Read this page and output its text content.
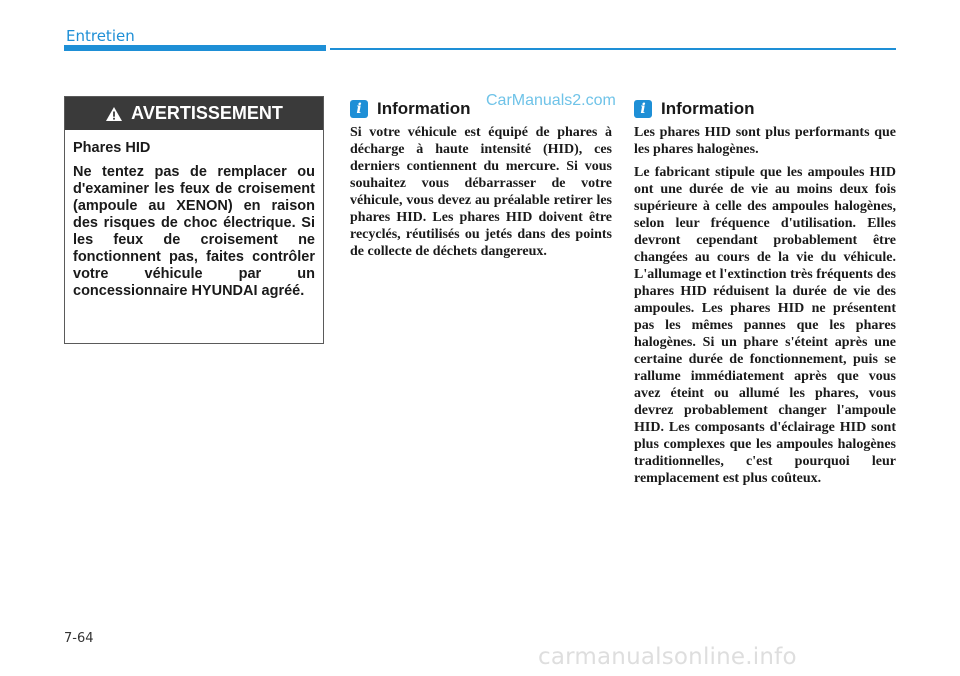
Entretien
AVERTISSEMENT
Phares HID
Ne tentez pas de remplacer ou d'examiner les feux de croisement (ampoule au XENON) en raison des risques de choc électrique. Si les feux de croisement ne fonctionnent pas, faites contrôler votre véhicule par un concessionnaire HYUNDAI agréé.
i Information

Si votre véhicule est équipé de phares à décharge à haute intensité (HID), ces derniers contiennent du mercure. Si vous souhaitez vous débarrasser de votre véhicule, vous devez au préalable retirer les phares HID. Les phares HID doivent être recyclés, réutilisés ou jetés dans des points de collecte de déchets dangereux.

CarManuals2.com	i Information

Les phares HID sont plus performants que les phares halogènes.

Le fabricant stipule que les ampoules HID ont une durée de vie au moins deux fois supérieure à celle des ampoules halogènes, selon leur fréquence d'utilisation. Elles devront cependant probablement être changées au cours de la vie du véhicule. L'allumage et l'extinction très fréquents des phares HID réduisent la durée de vie des ampoules. Les phares HID ne présentent pas les mêmes pannes que les phares halogènes. Si un phare s'éteint après une certaine durée de fonctionnement, puis se rallume immédiatement après que vous avez éteint ou allumé les phares, vous devrez probablement changer l'ampoule HID. Les composants d'éclairage HID sont plus complexes que les ampoules halogènes traditionnelles, c'est pourquoi leur remplacement est plus coûteux.

7-64
carmanualsonline.info
